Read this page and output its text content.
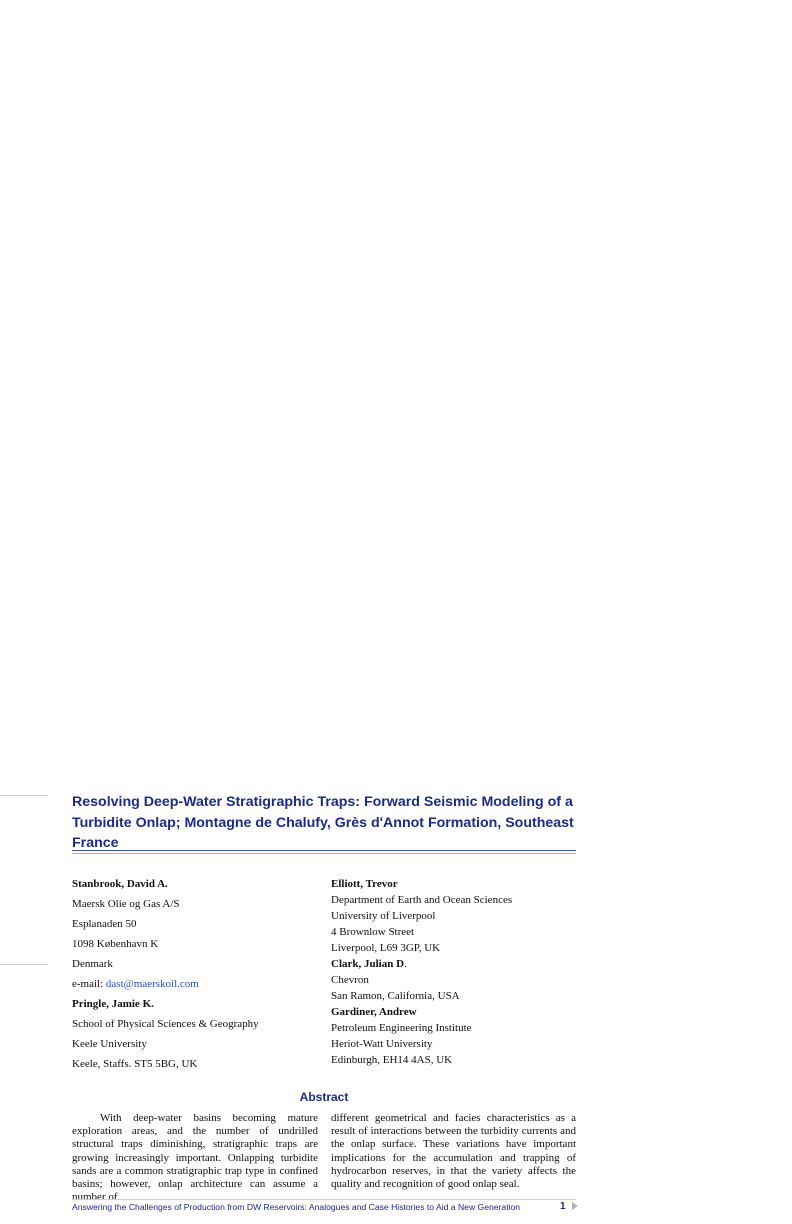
Resolving Deep-Water Stratigraphic Traps: Forward Seismic Modeling of a Turbidite Onlap; Montagne de Chalufy, Grès d'Annot Formation, Southeast France
Stanbrook, David A.
Maersk Olie og Gas A/S
Esplanaden 50
1098 København K
Denmark
e-mail: dast@maerskoil.com
Pringle, Jamie K.
School of Physical Sciences & Geography
Keele University
Keele, Staffs. ST5 5BG, UK
Elliott, Trevor
Department of Earth and Ocean Sciences
University of Liverpool
4 Brownlow Street
Liverpool, L69 3GP, UK
Clark, Julian D.
Chevron
San Ramon, California, USA
Gardiner, Andrew
Petroleum Engineering Institute
Heriot-Watt University
Edinburgh, EH14 4AS, UK
Abstract
With deep-water basins becoming mature exploration areas, and the number of undrilled structural traps diminishing, stratigraphic traps are growing increasingly important. Onlapping turbidite sands are a common stratigraphic trap type in confined basins; however, onlap architecture can assume a number of
different geometrical and facies characteristics as a result of interactions between the turbidity currents and the onlap surface. These variations have important implications for the accumulation and trapping of hydrocarbon reserves, in that the variety affects the quality and recognition of good onlap seal.
Answering the Challenges of Production from DW Reservoirs: Analogues and Case Histories to Aid a New Generation	1
